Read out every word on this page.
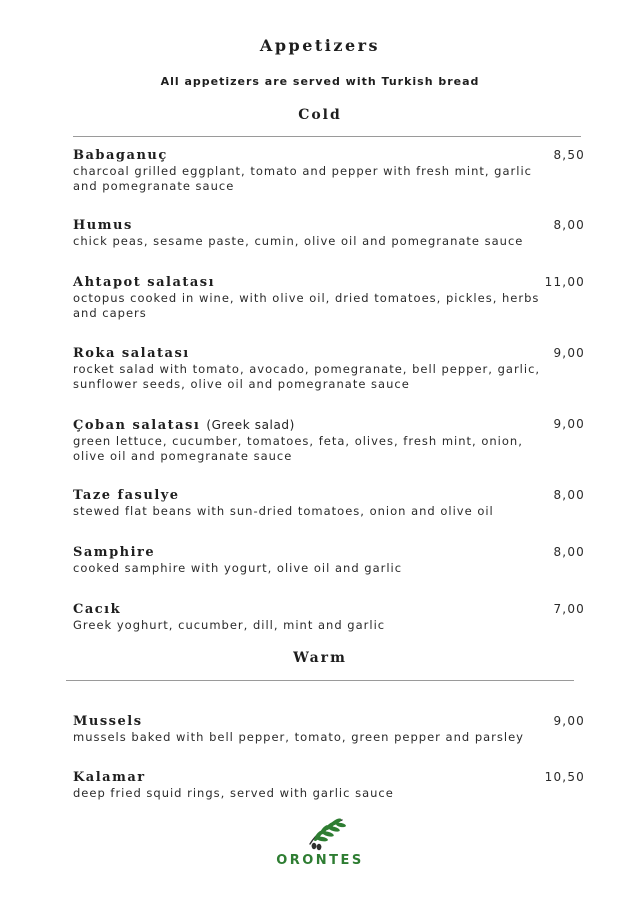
Appetizers
All appetizers are served with Turkish bread
Cold

Babaganuç

charcoal grilled eggplant, tomato and pepper with fresh mint, garlic and pomegranate sauce

8,50

Humus

chick peas, sesame paste, cumin, olive oil and pomegranate sauce

8,00

Ahtapot salatası

octopus cooked in wine, with olive oil, dried tomatoes, pickles, herbs and capers

11,00

Roka salatası

rocket salad with tomato, avocado, pomegranate, bell pepper, garlic, sunflower seeds, olive oil and pomegranate sauce

9,00

Çoban salatası (Greek salad)

green lettuce, cucumber, tomatoes, feta, olives, fresh mint, onion, olive oil and pomegranate sauce

9,00

Taze fasulye

stewed flat beans with sun-dried tomatoes, onion and olive oil

8,00

Samphire

cooked samphire with yogurt, olive oil and garlic

8,00

Cacık

Greek yoghurt, cucumber, dill, mint and garlic

7,00
Warm

Mussels

mussels baked with bell pepper, tomato, green pepper and parsley

9,00

Kalamar

deep fried squid rings, served with garlic sauce

10,50
ORONTES
